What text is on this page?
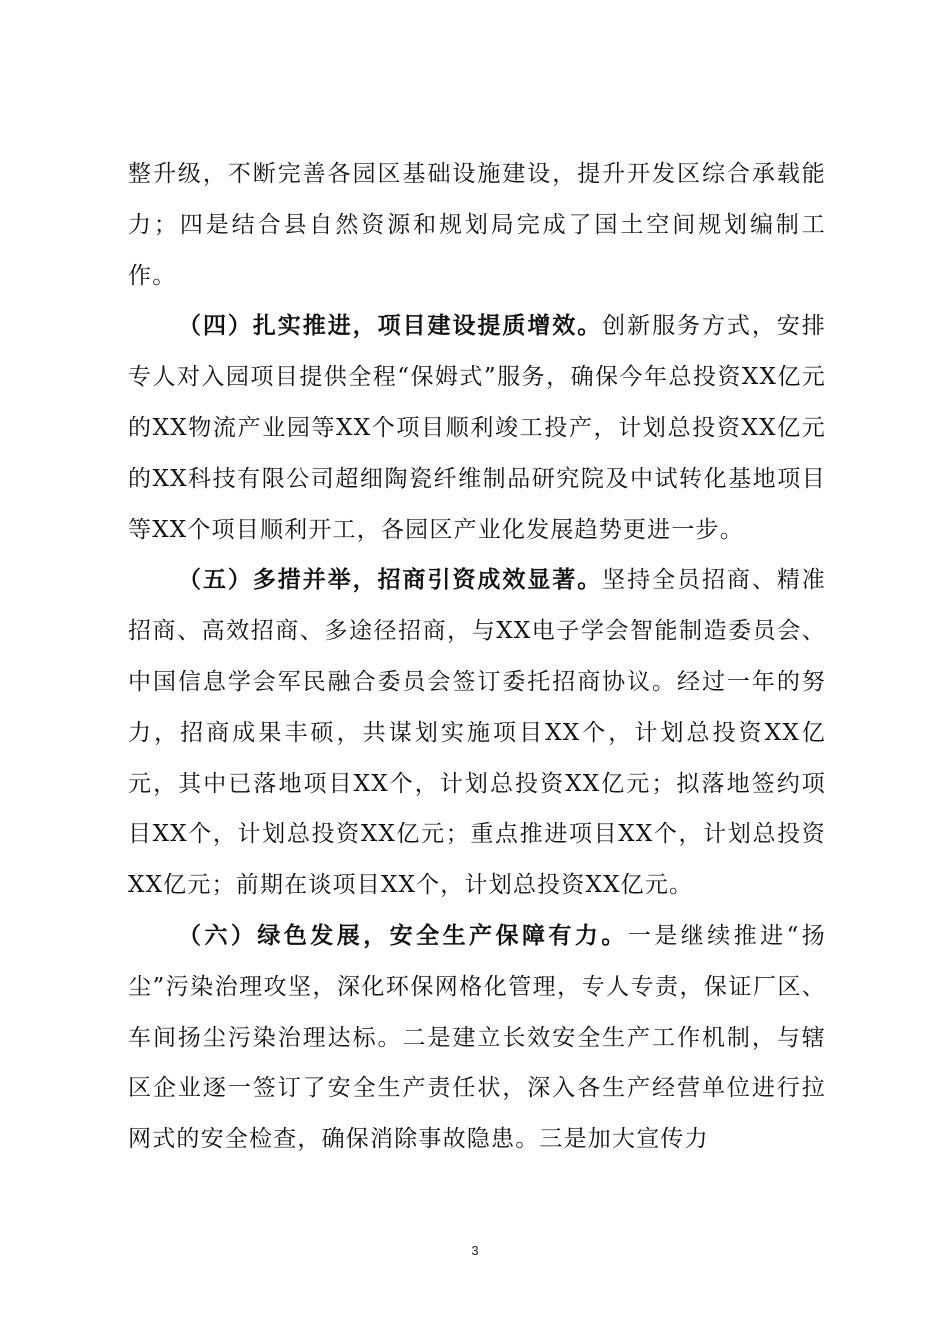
整升级，不断完善各园区基础设施建设，提升开发区综合承载能力；四是结合县自然资源和规划局完成了国土空间规划编制工作。

（四）扎实推进，项目建设提质增效。创新服务方式，安排专人对入园项目提供全程“保姆式”服务，确保今年总投资XX亿元的XX物流产业园等XX个项目顺利竣工投产，计划总投资XX亿元的XX科技有限公司超细陶瓷纤维制品研究院及中试转化基地项目等XX个项目顺利开工，各园区产业化发展趋势更进一步。

（五）多措并举，招商引资成效显著。坚持全员招商、精准招商、高效招商、多途径招商，与XX电子学会智能制造委员会、中国信息学会军民融合委员会签订委托招商协议。经过一年的努力，招商成果丰硕，共谋划实施项目XX个，计划总投资XX亿元，其中已落地项目XX个，计划总投资XX亿元；拟落地签约项目XX个，计划总投资XX亿元；重点推进项目XX个，计划总投资XX亿元；前期在谈项目XX个，计划总投资XX亿元。

（六）绿色发展，安全生产保障有力。一是继续推进“扬尘”污染治理攻坚，深化环保网格化管理，专人专责，保证厂区、车间扬尘污染治理达标。二是建立长效安全生产工作机制，与辖区企业逐一签订了安全生产责任状，深入各生产经营单位进行拉网式的安全检查，确保消除事故隐患。三是加大宣传力

3
